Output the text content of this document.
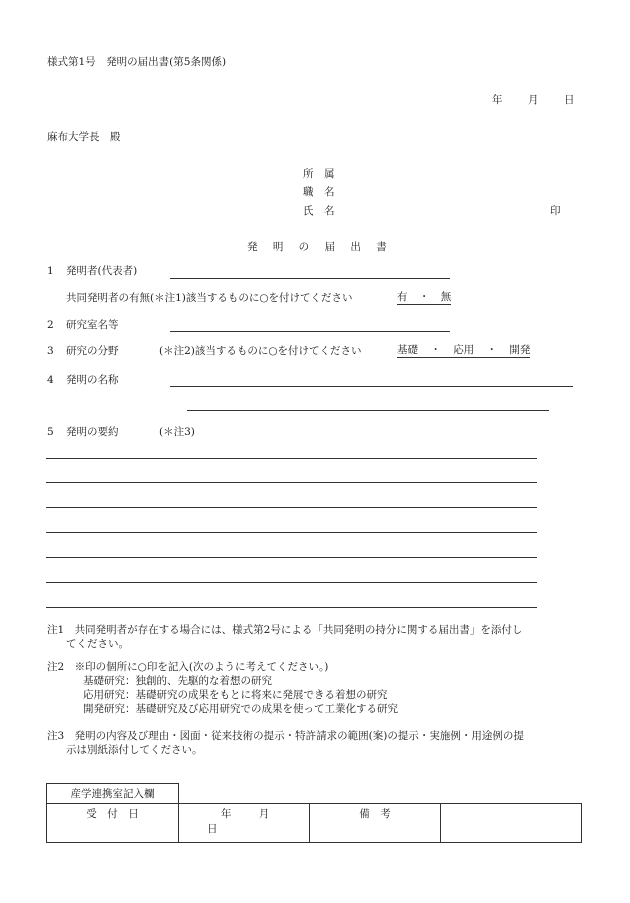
様式第1号　発明の届出書(第5条関係)
年 月 日
麻布大学長　殿
所　属
職　名
氏　名	印
発 明 の 届 出 書
1 発明者(代表者)
共同発明者の有無(＊注1)該当するものに○を付けてください	有 ・ 無
2 研究室名等
3 研究の分野	(＊注2)該当するものに○を付けてください	基礎 ・ 応用 ・ 開発
4 発明の名称
5 発明の要約	(＊注3)
注1　共同発明者が存在する場合には、様式第2号による「共同発明の持分に関する届出書」を添付し
てください。
注2　※印の個所に○印を記入(次のように考えてください。)
基礎研究：独創的、先駆的な着想の研究
応用研究：基礎研究の成果をもとに将来に発展できる着想の研究
開発研究：基礎研究及び応用研究での成果を使って工業化する研究
注3　発明の内容及び理由・図面・従来技術の提示・特許請求の範囲(案)の提示・実施例・用途例の提
示は別紙添付してください。
産学連携室記入欄			
受　付　日	年 月 日	備　考	
